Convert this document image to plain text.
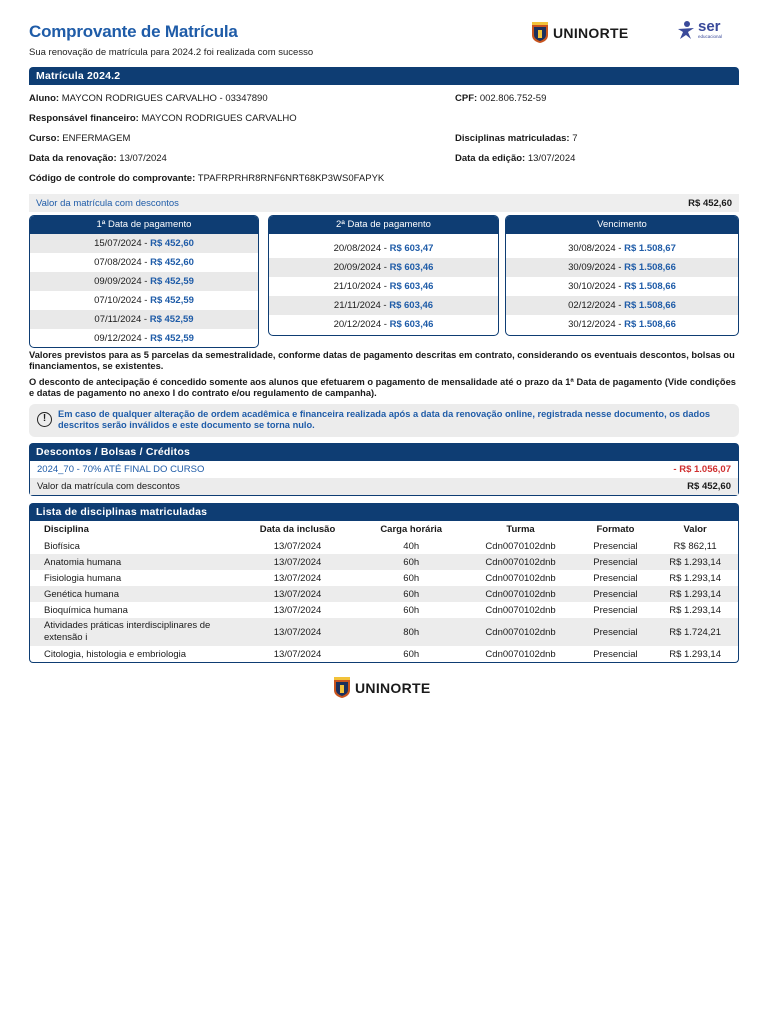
Comprovante de Matrícula
Sua renovação de matrícula para 2024.2 foi realizada com sucesso
UNINORTE	ser
educacional
Matrícula 2024.2
Aluno: MAYCON RODRIGUES CARVALHO - 03347890	CPF: 002.806.752-59
Responsável financeiro: MAYCON RODRIGUES CARVALHO
Curso: ENFERMAGEM	Disciplinas matriculadas: 7
Data da renovação: 13/07/2024	Data da edição: 13/07/2024
Código de controle do comprovante: TPAFRPRHR8RNF6NRT68KP3WS0FAPYK
Valor da matrícula com descontos	R$ 452,60
1ª Data de pagamento
15/07/2024 - R$ 452,60
07/08/2024 - R$ 452,60
09/09/2024 - R$ 452,59
07/10/2024 - R$ 452,59
07/11/2024 - R$ 452,59
09/12/2024 - R$ 452,59
2ª Data de pagamento
20/08/2024 - R$ 603,47
20/09/2024 - R$ 603,46
21/10/2024 - R$ 603,46
21/11/2024 - R$ 603,46
20/12/2024 - R$ 603,46
Vencimento
30/08/2024 - R$ 1.508,67
30/09/2024 - R$ 1.508,66
30/10/2024 - R$ 1.508,66
02/12/2024 - R$ 1.508,66
30/12/2024 - R$ 1.508,66

Valores previstos para as 5 parcelas da semestralidade, conforme datas de pagamento descritas em contrato, considerando os eventuais descontos, bolsas ou financiamentos, se existentes.

O desconto de antecipação é concedido somente aos alunos que efetuarem o pagamento de mensalidade até o prazo da 1ª Data de pagamento (Vide condições e datas de pagamento no anexo I do contrato e/ou regulamento de campanha).

!	Em caso de qualquer alteração de ordem acadêmica e financeira realizada após a data da renovação online, registrada nesse documento, os dados descritos serão inválidos e este documento se torna nulo.
Descontos / Bolsas / Créditos
2024_70 - 70% ATÉ FINAL DO CURSO	- R$ 1.056,07
Valor da matrícula com descontos	R$ 452,60
Lista de disciplinas matriculadas
Disciplina	Data da inclusão	Carga horária	Turma	Formato	Valor
Biofísica	13/07/2024	40h	Cdn0070102dnb	Presencial	R$ 862,11
Anatomia humana	13/07/2024	60h	Cdn0070102dnb	Presencial	R$ 1.293,14
Fisiologia humana	13/07/2024	60h	Cdn0070102dnb	Presencial	R$ 1.293,14
Genética humana	13/07/2024	60h	Cdn0070102dnb	Presencial	R$ 1.293,14
Bioquímica humana	13/07/2024	60h	Cdn0070102dnb	Presencial	R$ 1.293,14
Atividades práticas interdisciplinares de extensão i	13/07/2024	80h	Cdn0070102dnb	Presencial	R$ 1.724,21
Citologia, histologia e embriologia	13/07/2024	60h	Cdn0070102dnb	Presencial	R$ 1.293,14
UNINORTE
